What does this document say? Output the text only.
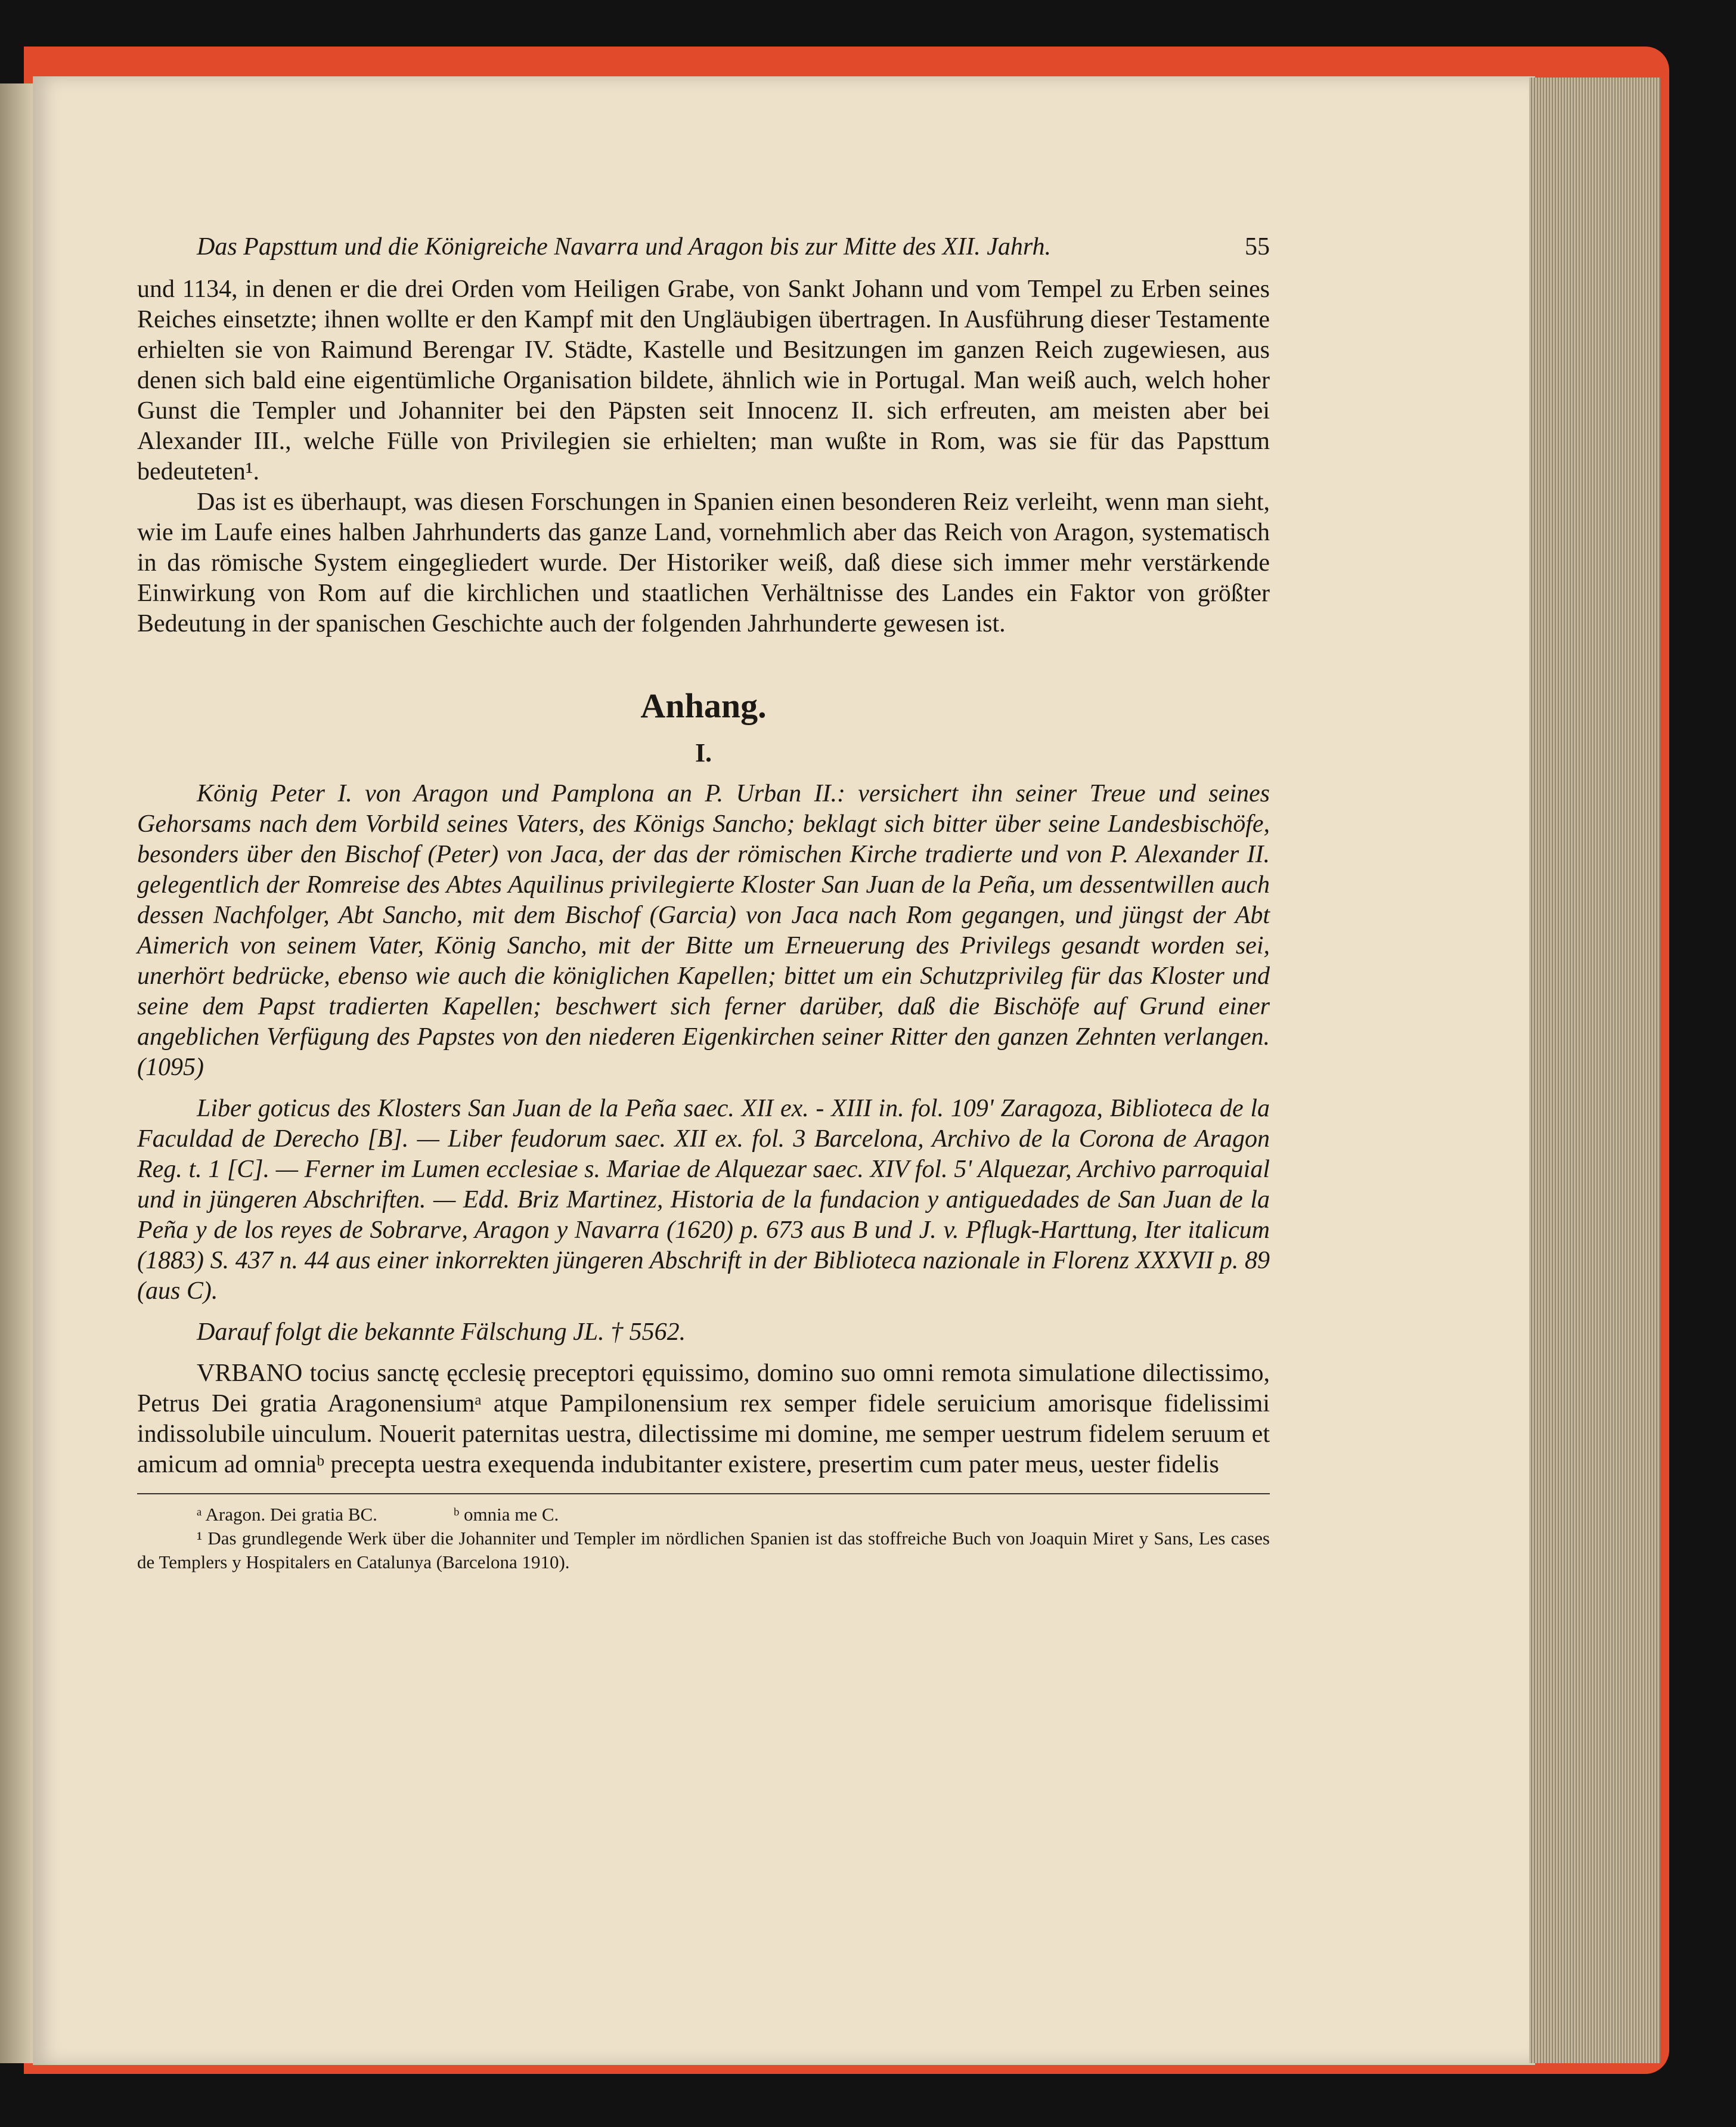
Das Papsttum und die Königreiche Navarra und Aragon bis zur Mitte des XII. Jahrh.	55

und 1134, in denen er die drei Orden vom Heiligen Grabe, von Sankt Johann und vom Tempel zu Erben seines Reiches einsetzte; ihnen wollte er den Kampf mit den Ungläubigen übertragen. In Ausführung dieser Testamente erhielten sie von Raimund Berengar IV. Städte, Kastelle und Besitzungen im ganzen Reich zugewiesen, aus denen sich bald eine eigentümliche Organisation bildete, ähnlich wie in Portugal. Man weiß auch, welch hoher Gunst die Templer und Johanniter bei den Päpsten seit Innocenz II. sich erfreuten, am meisten aber bei Alexander III., welche Fülle von Privilegien sie erhielten; man wußte in Rom, was sie für das Papsttum bedeuteten¹.

Das ist es überhaupt, was diesen Forschungen in Spanien einen besonderen Reiz verleiht, wenn man sieht, wie im Laufe eines halben Jahrhunderts das ganze Land, vornehmlich aber das Reich von Aragon, systematisch in das römische System eingegliedert wurde. Der Historiker weiß, daß diese sich immer mehr verstärkende Einwirkung von Rom auf die kirchlichen und staatlichen Verhältnisse des Landes ein Faktor von größter Bedeutung in der spanischen Geschichte auch der folgenden Jahrhunderte gewesen ist.

Anhang.
I.

König Peter I. von Aragon und Pamplona an P. Urban II.: versichert ihn seiner Treue und seines Gehorsams nach dem Vorbild seines Vaters, des Königs Sancho; beklagt sich bitter über seine Landesbischöfe, besonders über den Bischof (Peter) von Jaca, der das der römischen Kirche tradierte und von P. Alexander II. gelegentlich der Romreise des Abtes Aquilinus privilegierte Kloster San Juan de la Peña, um dessentwillen auch dessen Nachfolger, Abt Sancho, mit dem Bischof (Garcia) von Jaca nach Rom gegangen, und jüngst der Abt Aimerich von seinem Vater, König Sancho, mit der Bitte um Erneuerung des Privilegs gesandt worden sei, unerhört bedrücke, ebenso wie auch die königlichen Kapellen; bittet um ein Schutzprivileg für das Kloster und seine dem Papst tradierten Kapellen; beschwert sich ferner darüber, daß die Bischöfe auf Grund einer angeblichen Verfügung des Papstes von den niederen Eigenkirchen seiner Ritter den ganzen Zehnten verlangen. (1095)

Liber goticus des Klosters San Juan de la Peña saec. XII ex. - XIII in. fol. 109' Zaragoza, Biblioteca de la Faculdad de Derecho [B]. — Liber feudorum saec. XII ex. fol. 3 Barcelona, Archivo de la Corona de Aragon Reg. t. 1 [C]. — Ferner im Lumen ecclesiae s. Mariae de Alquezar saec. XIV fol. 5' Alquezar, Archivo parroquial und in jüngeren Abschriften. — Edd. Briz Martinez, Historia de la fundacion y antiguedades de San Juan de la Peña y de los reyes de Sobrarve, Aragon y Navarra (1620) p. 673 aus B und J. v. Pflugk-Harttung, Iter italicum (1883) S. 437 n. 44 aus einer inkorrekten jüngeren Abschrift in der Biblioteca nazionale in Florenz XXXVII p. 89 (aus C).

Darauf folgt die bekannte Fälschung JL. † 5562.

VRBANO tocius sanctę ęcclesię preceptori ęquissimo, domino suo omni remota simulatione dilectissimo, Petrus Dei gratia Aragonensiumᵃ atque Pampilonensium rex semper fidele seruicium amorisque fidelissimi indissolubile uinculum. Nouerit paternitas uestra, dilectissime mi domine, me semper uestrum fidelem seruum et amicum ad omniaᵇ precepta uestra exequenda indubitanter existere, presertim cum pater meus, uester fidelis

ᵃ Aragon. Dei gratia BC.	ᵇ omnia me C.

¹ Das grundlegende Werk über die Johanniter und Templer im nördlichen Spanien ist das stoffreiche Buch von Joaquin Miret y Sans, Les cases de Templers y Hospitalers en Catalunya (Barcelona 1910).
